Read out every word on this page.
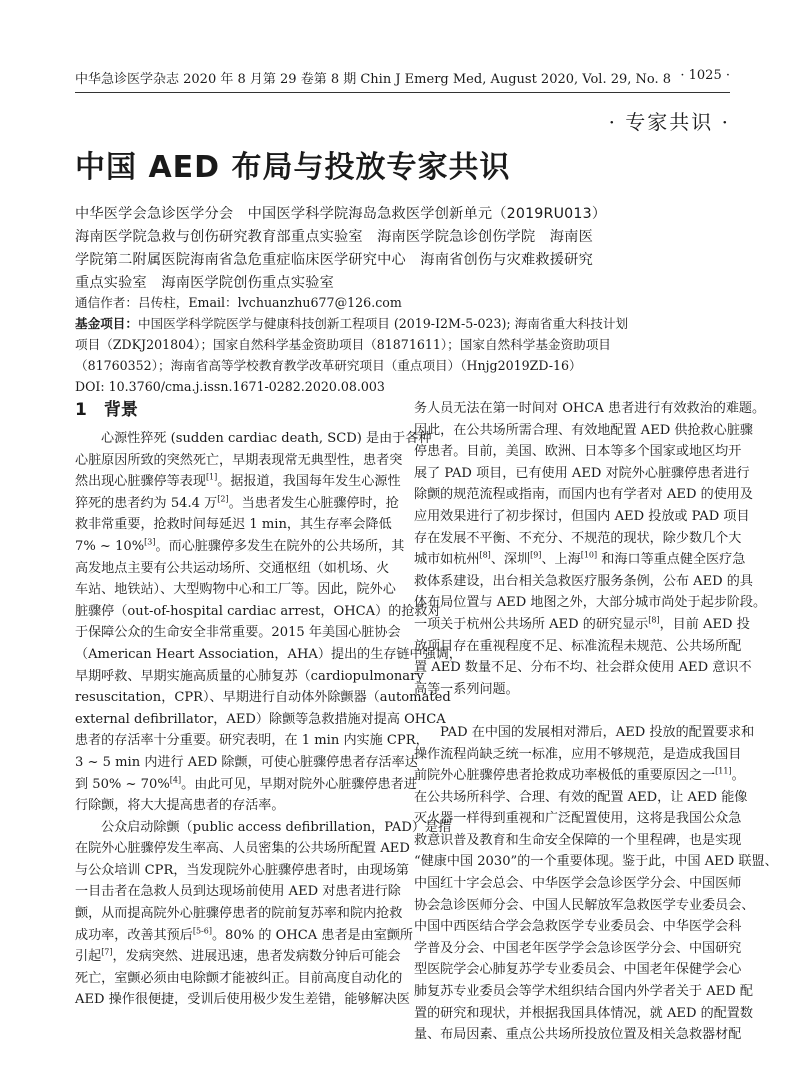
中华急诊医学杂志 2020 年 8 月第 29 卷第 8 期 Chin J Emerg Med, August 2020, Vol. 29, No. 8 · 1025 ·
· 专家共识 ·
中国 AED 布局与投放专家共识
中华医学会急诊医学分会　中国医学科学院海岛急救医学创新单元（2019RU013）
海南医学院急救与创伤研究教育部重点实验室　海南医学院急诊创伤学院　海南医
学院第二附属医院海南省急危重症临床医学研究中心　海南省创伤与灾难救援研究
重点实验室　海南医学院创伤重点实验室
通信作者：吕传柱，Email：lvchuanzhu677@126.com
基金项目：中国医学科学院医学与健康科技创新工程项目 (2019-I2M-5-023); 海南省重大科技计划
项目（ZDKJ201804）；国家自然科学基金资助项目（81871611）；国家自然科学基金资助项目
（81760352）；海南省高等学校教育教学改革研究项目（重点项目）（Hnjg2019ZD-16）
DOI: 10.3760/cma.j.issn.1671-0282.2020.08.003
1　背景
心源性猝死 (sudden cardiac death, SCD) 是由于各种
心脏原因所致的突然死亡，早期表现常无典型性，患者突
然出现心脏骤停等表现[1]。据报道，我国每年发生心源性
猝死的患者约为 54.4 万[2]。当患者发生心脏骤停时，抢
救非常重要，抢救时间每延迟 1 min，其生存率会降低
7% ~ 10%[3]。而心脏骤停多发生在院外的公共场所，其
高发地点主要有公共运动场所、交通枢纽（如机场、火
车站、地铁站）、大型购物中心和工厂等。因此，院外心
脏骤停（out-of-hospital cardiac arrest，OHCA）的抢救对
于保障公众的生命安全非常重要。2015 年美国心脏协会
（American Heart Association，AHA）提出的生存链中强调，
早期呼救、早期实施高质量的心肺复苏（cardiopulmonary
resuscitation，CPR）、早期进行自动体外除颤器（automated
external defibrillator，AED）除颤等急救措施对提高 OHCA
患者的存活率十分重要。研究表明，在 1 min 内实施 CPR，
3 ~ 5 min 内进行 AED 除颤，可使心脏骤停患者存活率达
到 50% ~ 70%[4]。由此可见，早期对院外心脏骤停患者进
行除颤，将大大提高患者的存活率。
公众启动除颤（public access defibrillation，PAD）是指
在院外心脏骤停发生率高、人员密集的公共场所配置 AED
与公众培训 CPR，当发现院外心脏骤停患者时，由现场第
一目击者在急救人员到达现场前使用 AED 对患者进行除
颤，从而提高院外心脏骤停患者的院前复苏率和院内抢救
成功率，改善其预后[5-6]。80% 的 OHCA 患者是由室颤所
引起[7]，发病突然、进展迅速，患者发病数分钟后可能会
死亡，室颤必须由电除颤才能被纠正。目前高度自动化的
AED 操作很便捷，受训后使用极少发生差错，能够解决医
务人员无法在第一时间对 OHCA 患者进行有效救治的难题。
因此，在公共场所需合理、有效地配置 AED 供抢救心脏骤
停患者。目前，美国、欧洲、日本等多个国家或地区均开
展了 PAD 项目，已有使用 AED 对院外心脏骤停患者进行
除颤的规范流程或指南，而国内也有学者对 AED 的使用及
应用效果进行了初步探讨，但国内 AED 投放或 PAD 项目
存在发展不平衡、不充分、不规范的现状，除少数几个大
城市如杭州[8]、深圳[9]、上海[10] 和海口等重点健全医疗急
救体系建设，出台相关急救医疗服务条例，公布 AED 的具
体布局位置与 AED 地图之外，大部分城市尚处于起步阶段。
一项关于杭州公共场所 AED 的研究显示[8]，目前 AED 投
放项目存在重视程度不足、标准流程未规范、公共场所配
置 AED 数量不足、分布不均、社会群众使用 AED 意识不
高等一系列问题。

PAD 在中国的发展相对滞后，AED 投放的配置要求和
操作流程尚缺乏统一标准，应用不够规范，是造成我国目
前院外心脏骤停患者抢救成功率极低的重要原因之一[11]。
在公共场所科学、合理、有效的配置 AED，让 AED 能像
灭火器一样得到重视和广泛配置使用，这将是我国公众急
救意识普及教育和生命安全保障的一个里程碑，也是实现
“健康中国 2030”的一个重要体现。鉴于此，中国 AED 联盟、
中国红十字会总会、中华医学会急诊医学分会、中国医师
协会急诊医师分会、中国人民解放军急救医学专业委员会、
中国中西医结合学会急救医学专业委员会、中华医学会科
学普及分会、中国老年医学学会急诊医学分会、中国研究
型医院学会心肺复苏学专业委员会、中国老年保健学会心
肺复苏专业委员会等学术组织结合国内外学者关于 AED 配
置的研究和现状，并根据我国具体情况，就 AED 的配置数
量、布局因素、重点公共场所投放位置及相关急救器材配
